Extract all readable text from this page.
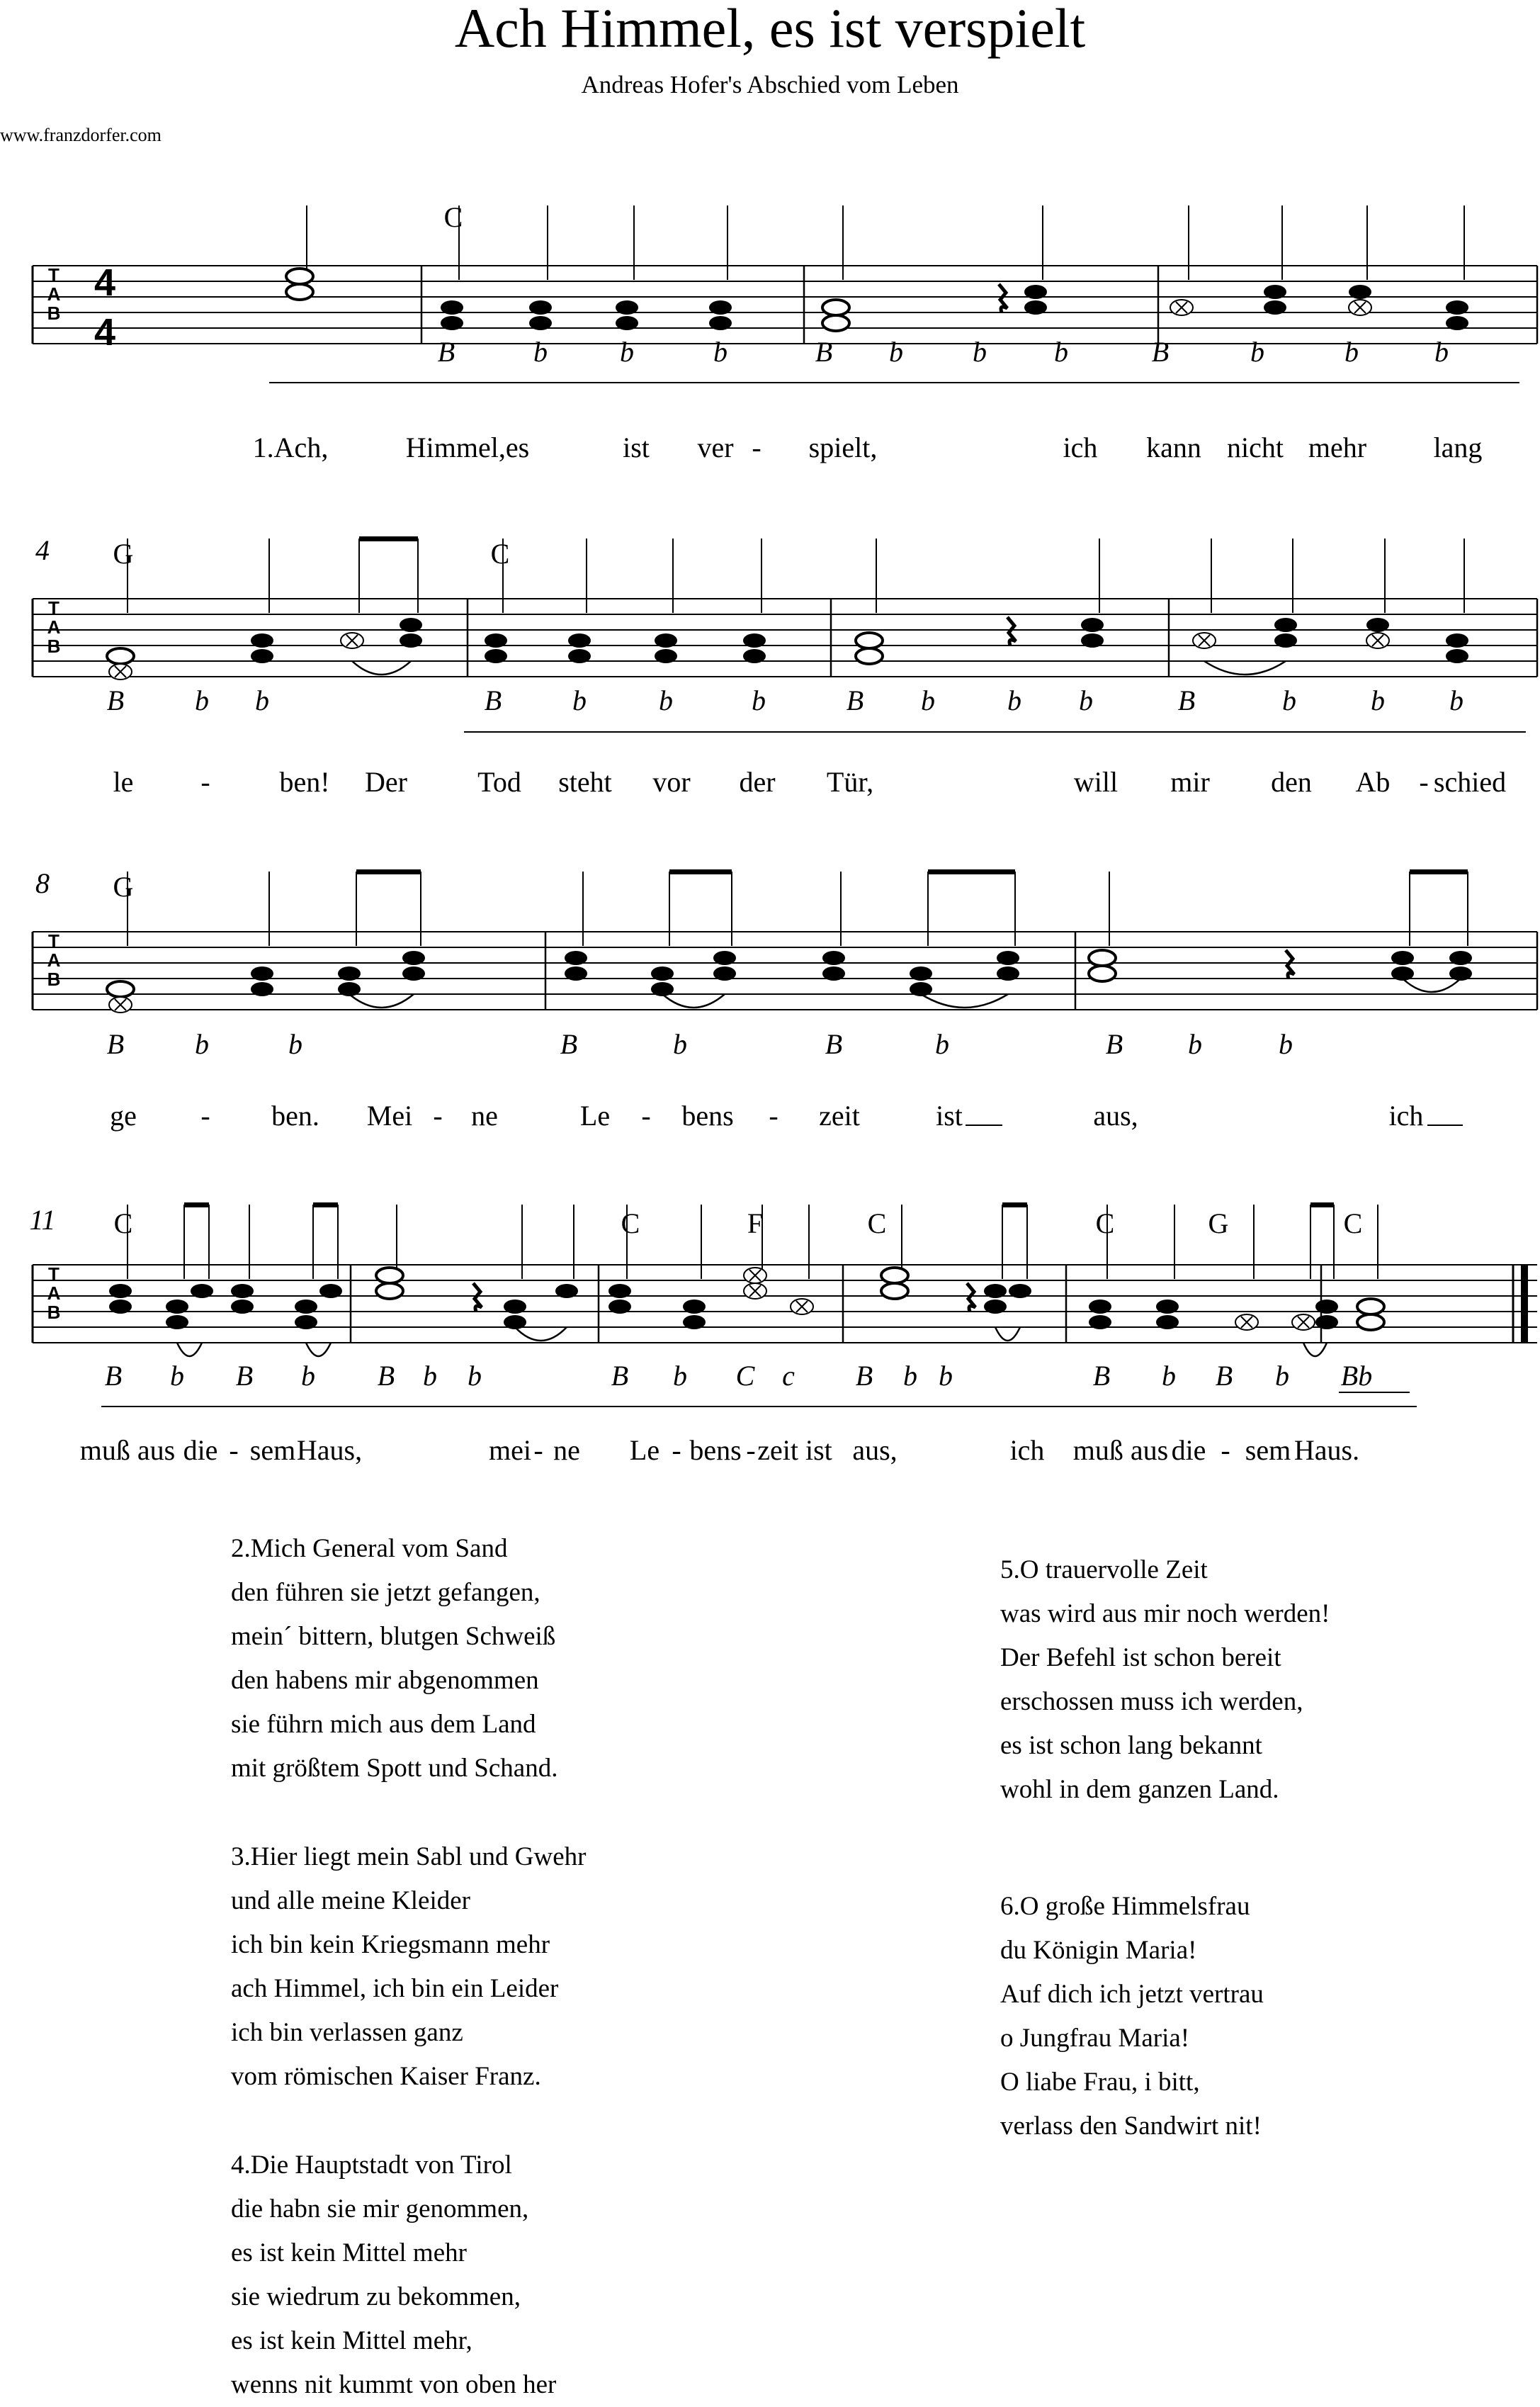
Ach Himmel, es ist verspielt
Andreas Hofer's Abschied vom Leben
www.franzdorfer.com
T
A
B
4
4
C
B	b	b	b	B b b b	B	b	b	b
1.Ach,	Himmel,es	ist ver - spielt,	ich kann nicht mehr lang
T
A
B
4 G	C
B b b	B b	b	b	B b	b b	B	b	b b
le - ben! Der Tod steht vor der Tür,	will mir den Ab - schied
T
A
B
8 G
B b	b	B	b	B	b	B b	b
ge - ben. Mei - ne	Le - bens - zeit	ist	aus,	ich
T
A
B
11 C	C	F	C	C	G	C
B b B b B b b	B b C c B b b	B b B b Bb
muß aus die - sem Haus,	mei - ne Le - bens - zeit ist aus,	ich muß aus die - sem Haus.
2.Mich General vom Sand
den führen sie jetzt gefangen,
mein´ bittern, blutgen Schweiß
den habens mir abgenommen
sie führn mich aus dem Land
mit größtem Spott und Schand.
3.Hier liegt mein Sabl und Gwehr
und alle meine Kleider
ich bin kein Kriegsmann mehr
ach Himmel, ich bin ein Leider
ich bin verlassen ganz
vom römischen Kaiser Franz.
4.Die Hauptstadt von Tirol
die habn sie mir genommen,
es ist kein Mittel mehr
sie wiedrum zu bekommen,
es ist kein Mittel mehr,
wenns nit kummt von oben her
5.O trauervolle Zeit
was wird aus mir noch werden!
Der Befehl ist schon bereit
erschossen muss ich werden,
es ist schon lang bekannt
wohl in dem ganzen Land.
6.O große Himmelsfrau
du Königin Maria!
Auf dich ich jetzt vertrau
o Jungfrau Maria!
O liabe Frau, i bitt,
verlass den Sandwirt nit!
